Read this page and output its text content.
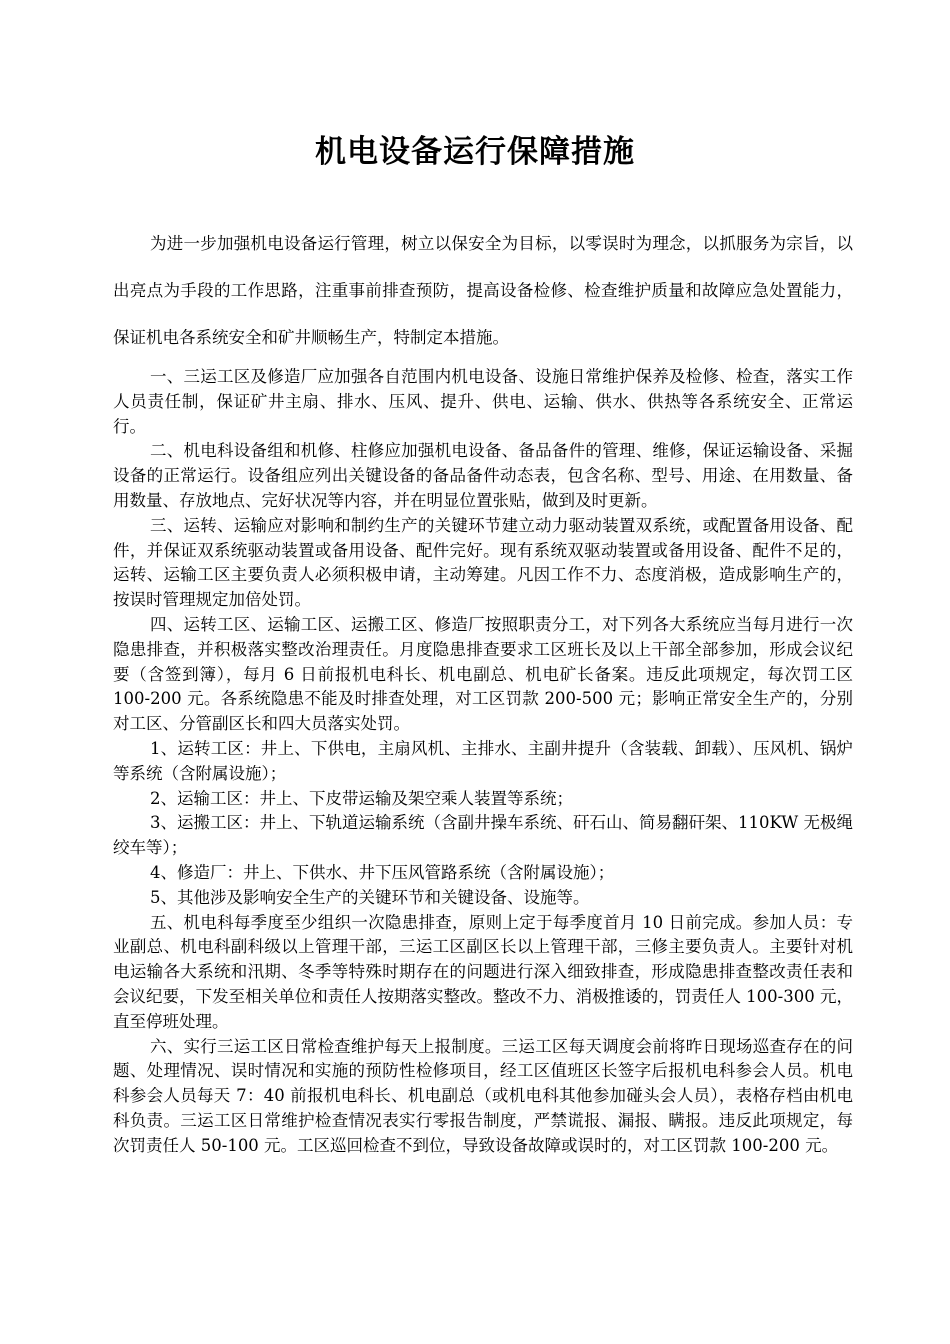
机电设备运行保障措施

为进一步加强机电设备运行管理，树立以保安全为目标，以零误时为理念，以抓服务为宗旨，以出亮点为手段的工作思路，注重事前排查预防，提高设备检修、检查维护质量和故障应急处置能力，保证机电各系统安全和矿井顺畅生产，特制定本措施。

一、三运工区及修造厂应加强各自范围内机电设备、设施日常维护保养及检修、检查，落实工作人员责任制，保证矿井主扇、排水、压风、提升、供电、运输、供水、供热等各系统安全、正常运行。

二、机电科设备组和机修、柱修应加强机电设备、备品备件的管理、维修，保证运输设备、采掘设备的正常运行。设备组应列出关键设备的备品备件动态表，包含名称、型号、用途、在用数量、备用数量、存放地点、完好状况等内容，并在明显位置张贴，做到及时更新。

三、运转、运输应对影响和制约生产的关键环节建立动力驱动装置双系统，或配置备用设备、配件，并保证双系统驱动装置或备用设备、配件完好。现有系统双驱动装置或备用设备、配件不足的，运转、运输工区主要负责人必须积极申请，主动筹建。凡因工作不力、态度消极，造成影响生产的，按误时管理规定加倍处罚。

四、运转工区、运输工区、运搬工区、修造厂按照职责分工，对下列各大系统应当每月进行一次隐患排查，并积极落实整改治理责任。月度隐患排查要求工区班长及以上干部全部参加，形成会议纪要（含签到簿），每月 6 日前报机电科长、机电副总、机电矿长备案。违反此项规定，每次罚工区 100-200 元。各系统隐患不能及时排查处理，对工区罚款 200-500 元；影响正常安全生产的，分别对工区、分管副区长和四大员落实处罚。

1、运转工区：井上、下供电，主扇风机、主排水、主副井提升（含装载、卸载）、压风机、锅炉等系统（含附属设施）；

2、运输工区：井上、下皮带运输及架空乘人装置等系统；

3、运搬工区：井上、下轨道运输系统（含副井操车系统、矸石山、简易翻矸架、110KW 无极绳绞车等）；

4、修造厂：井上、下供水、井下压风管路系统（含附属设施）；

5、其他涉及影响安全生产的关键环节和关键设备、设施等。

五、机电科每季度至少组织一次隐患排查，原则上定于每季度首月 10 日前完成。参加人员：专业副总、机电科副科级以上管理干部，三运工区副区长以上管理干部，三修主要负责人。主要针对机电运输各大系统和汛期、冬季等特殊时期存在的问题进行深入细致排查，形成隐患排查整改责任表和会议纪要，下发至相关单位和责任人按期落实整改。整改不力、消极推诿的，罚责任人 100-300 元，直至停班处理。

六、实行三运工区日常检查维护每天上报制度。三运工区每天调度会前将昨日现场巡查存在的问题、处理情况、误时情况和实施的预防性检修项目，经工区值班区长签字后报机电科参会人员。机电科参会人员每天 7：40 前报机电科长、机电副总（或机电科其他参加碰头会人员），表格存档由机电科负责。三运工区日常维护检查情况表实行零报告制度，严禁谎报、漏报、瞒报。违反此项规定，每次罚责任人 50-100 元。工区巡回检查不到位，导致设备故障或误时的，对工区罚款 100-200 元。
